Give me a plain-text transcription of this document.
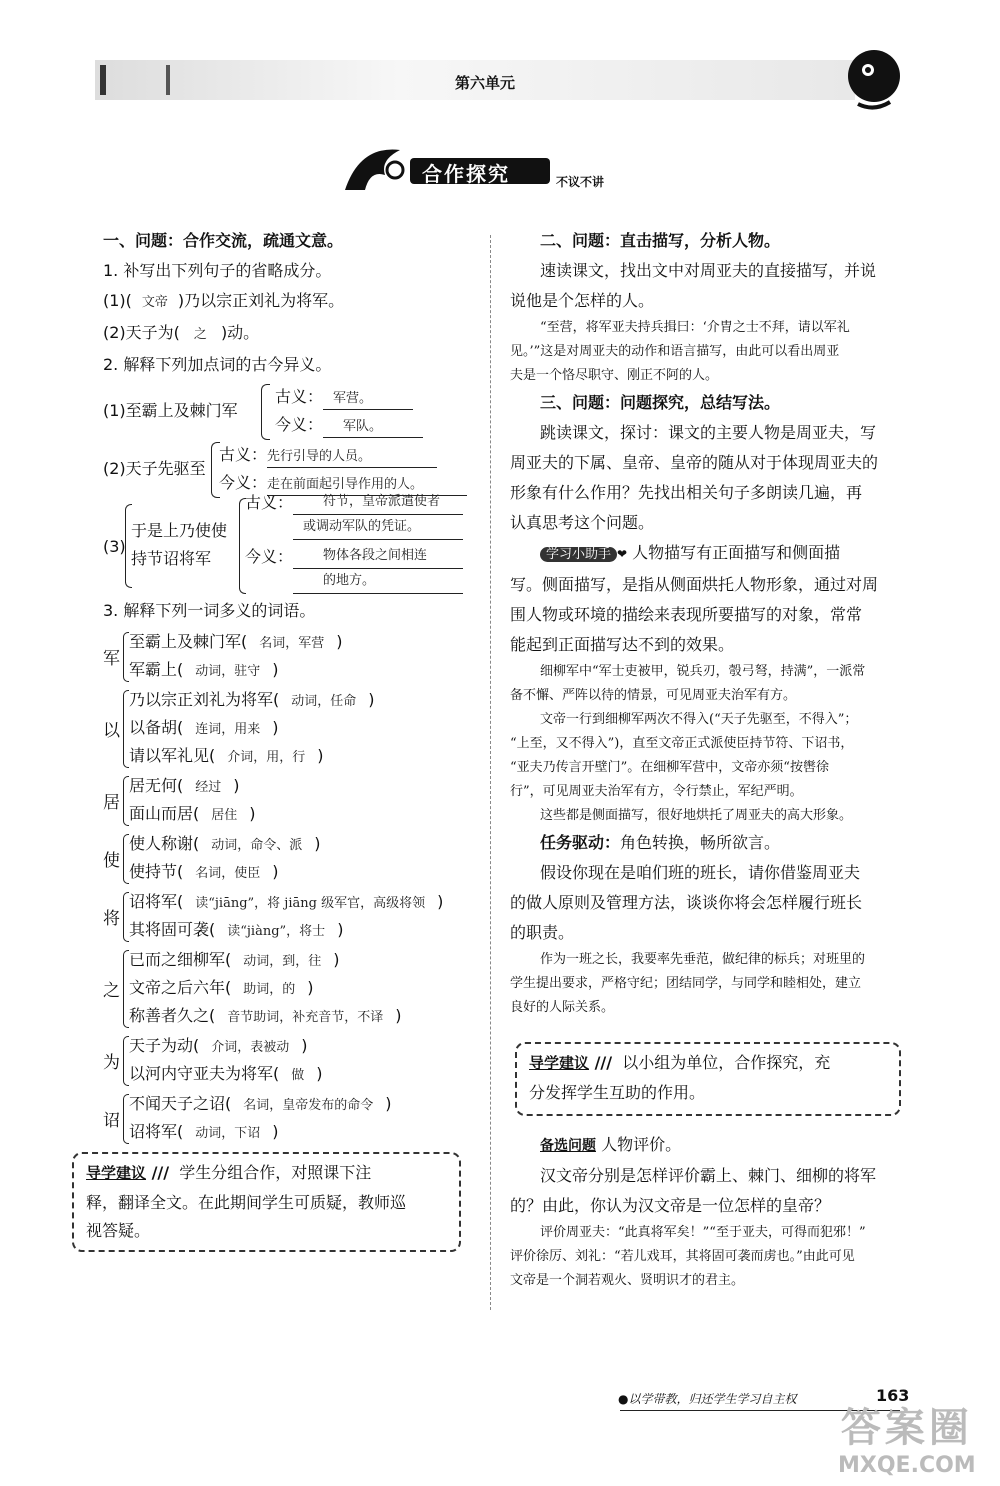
第六单元
合作探究	不议不讲
一、问题：合作交流，疏通文意。
1. 补写出下列句子的省略成分。
(1)( 文帝 )乃以宗正刘礼为将军。
(2)天子为( 之 )动。
2. 解释下列加点词的古今异义。
(1)至霸上及棘门军
古义： 军营。
今义： 军队。
(2)天子先驱至
古义：先行引导的人员。
今义：走在前面起引导作用的人。
(3)
于是上乃使使
持节诏将军
古义：	符节，皇帝派遣使者
或调动军队的凭证。
今义：	物体各段之间相连
的地方。
3. 解释下列一词多义的词语。
军
至霸上及棘门军( 名词，军营 )
军霸上( 动词，驻守 )
以
乃以宗正刘礼为将军( 动词，任命 )
以备胡( 连词，用来 )
请以军礼见( 介词，用，行 )
居
居无何( 经过 )
面山而居( 居住 )
使
使人称谢( 动词，命令、派 )
使持节( 名词，使臣 )
将
诏将军( 读“jiāng”，将 jiāng 级军官，高级将领 )
其将固可袭( 读“jiàng”，将士 )
之
已而之细柳军( 动词，到，往 )
文帝之后六年( 助词，的 )
称善者久之( 音节助词，补充音节，不译 )
为
天子为动( 介词，表被动 )
以河内守亚夫为将军( 做 )
诏
不闻天子之诏( 名词，皇帝发布的命令 )
诏将军( 动词，下诏 )
导学建议 /// 学生分组合作，对照课下注
释，翻译全文。在此期间学生可质疑，教师巡
视答疑。
二、问题：直击描写，分析人物。
速读课文，找出文中对周亚夫的直接描写，并说
说他是个怎样的人。
“至营，将军亚夫持兵揖曰：‘介胄之士不拜，请以军礼
见。’”这是对周亚夫的动作和语言描写，由此可以看出周亚
夫是一个恪尽职守、刚正不阿的人。
三、问题：问题探究，总结写法。
跳读课文，探讨：课文的主要人物是周亚夫，写
周亚夫的下属、皇帝、皇帝的随从对于体现周亚夫的
形象有什么作用？先找出相关句子多朗读几遍，再
认真思考这个问题。
学习小助手 ❤ 人物描写有正面描写和侧面描
写。侧面描写，是指从侧面烘托人物形象，通过对周
围人物或环境的描绘来表现所要描写的对象，常常
能起到正面描写达不到的效果。
细柳军中“军士吏被甲，锐兵刃，彀弓弩，持满”，一派常
备不懈、严阵以待的情景，可见周亚夫治军有方。
文帝一行到细柳军两次不得入(“天子先驱至，不得入”；
“上至，又不得入”)，直至文帝正式派使臣持节符、下诏书，
“亚夫乃传言开壁门”。在细柳军营中，文帝亦须“按辔徐
行”，可见周亚夫治军有方，令行禁止，军纪严明。
这些都是侧面描写，很好地烘托了周亚夫的高大形象。
任务驱动：角色转换，畅所欲言。
假设你现在是咱们班的班长，请你借鉴周亚夫
的做人原则及管理方法，谈谈你将会怎样履行班长
的职责。
作为一班之长，我要率先垂范，做纪律的标兵；对班里的
学生提出要求，严格守纪；团结同学，与同学和睦相处，建立
良好的人际关系。
导学建议 /// 以小组为单位，合作探究，充
分发挥学生互助的作用。
备选问题 人物评价。
汉文帝分别是怎样评价霸上、棘门、细柳的将军
的？由此，你认为汉文帝是一位怎样的皇帝？
评价周亚夫：“此真将军矣！”“至于亚夫，可得而犯邪！”
评价徐厉、刘礼：“若儿戏耳，其将固可袭而虏也。”由此可见
文帝是一个洞若观火、贤明识才的君主。
●以学带教，归还学生学习自主权	163
答案圈
MXQE.COM
